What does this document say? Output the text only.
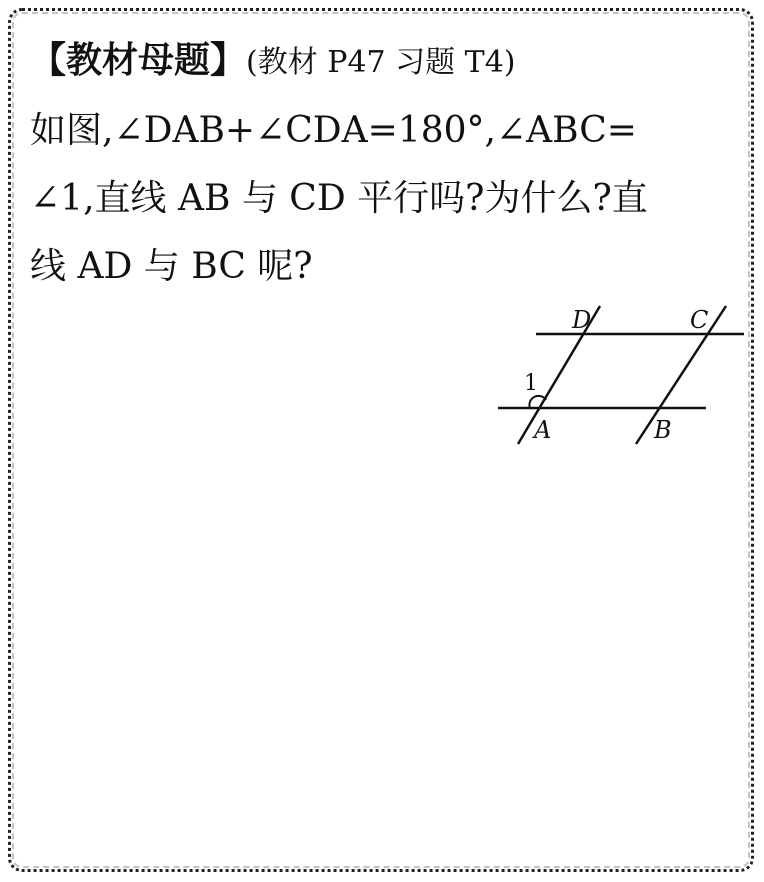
【教材母题】(教材 P47 习题 T4)
如图,∠DAB+∠CDA=180°,∠ABC=
∠1,直线 AB 与 CD 平行吗?为什么?直
线 AD 与 BC 呢?
D	C
A	B
1
